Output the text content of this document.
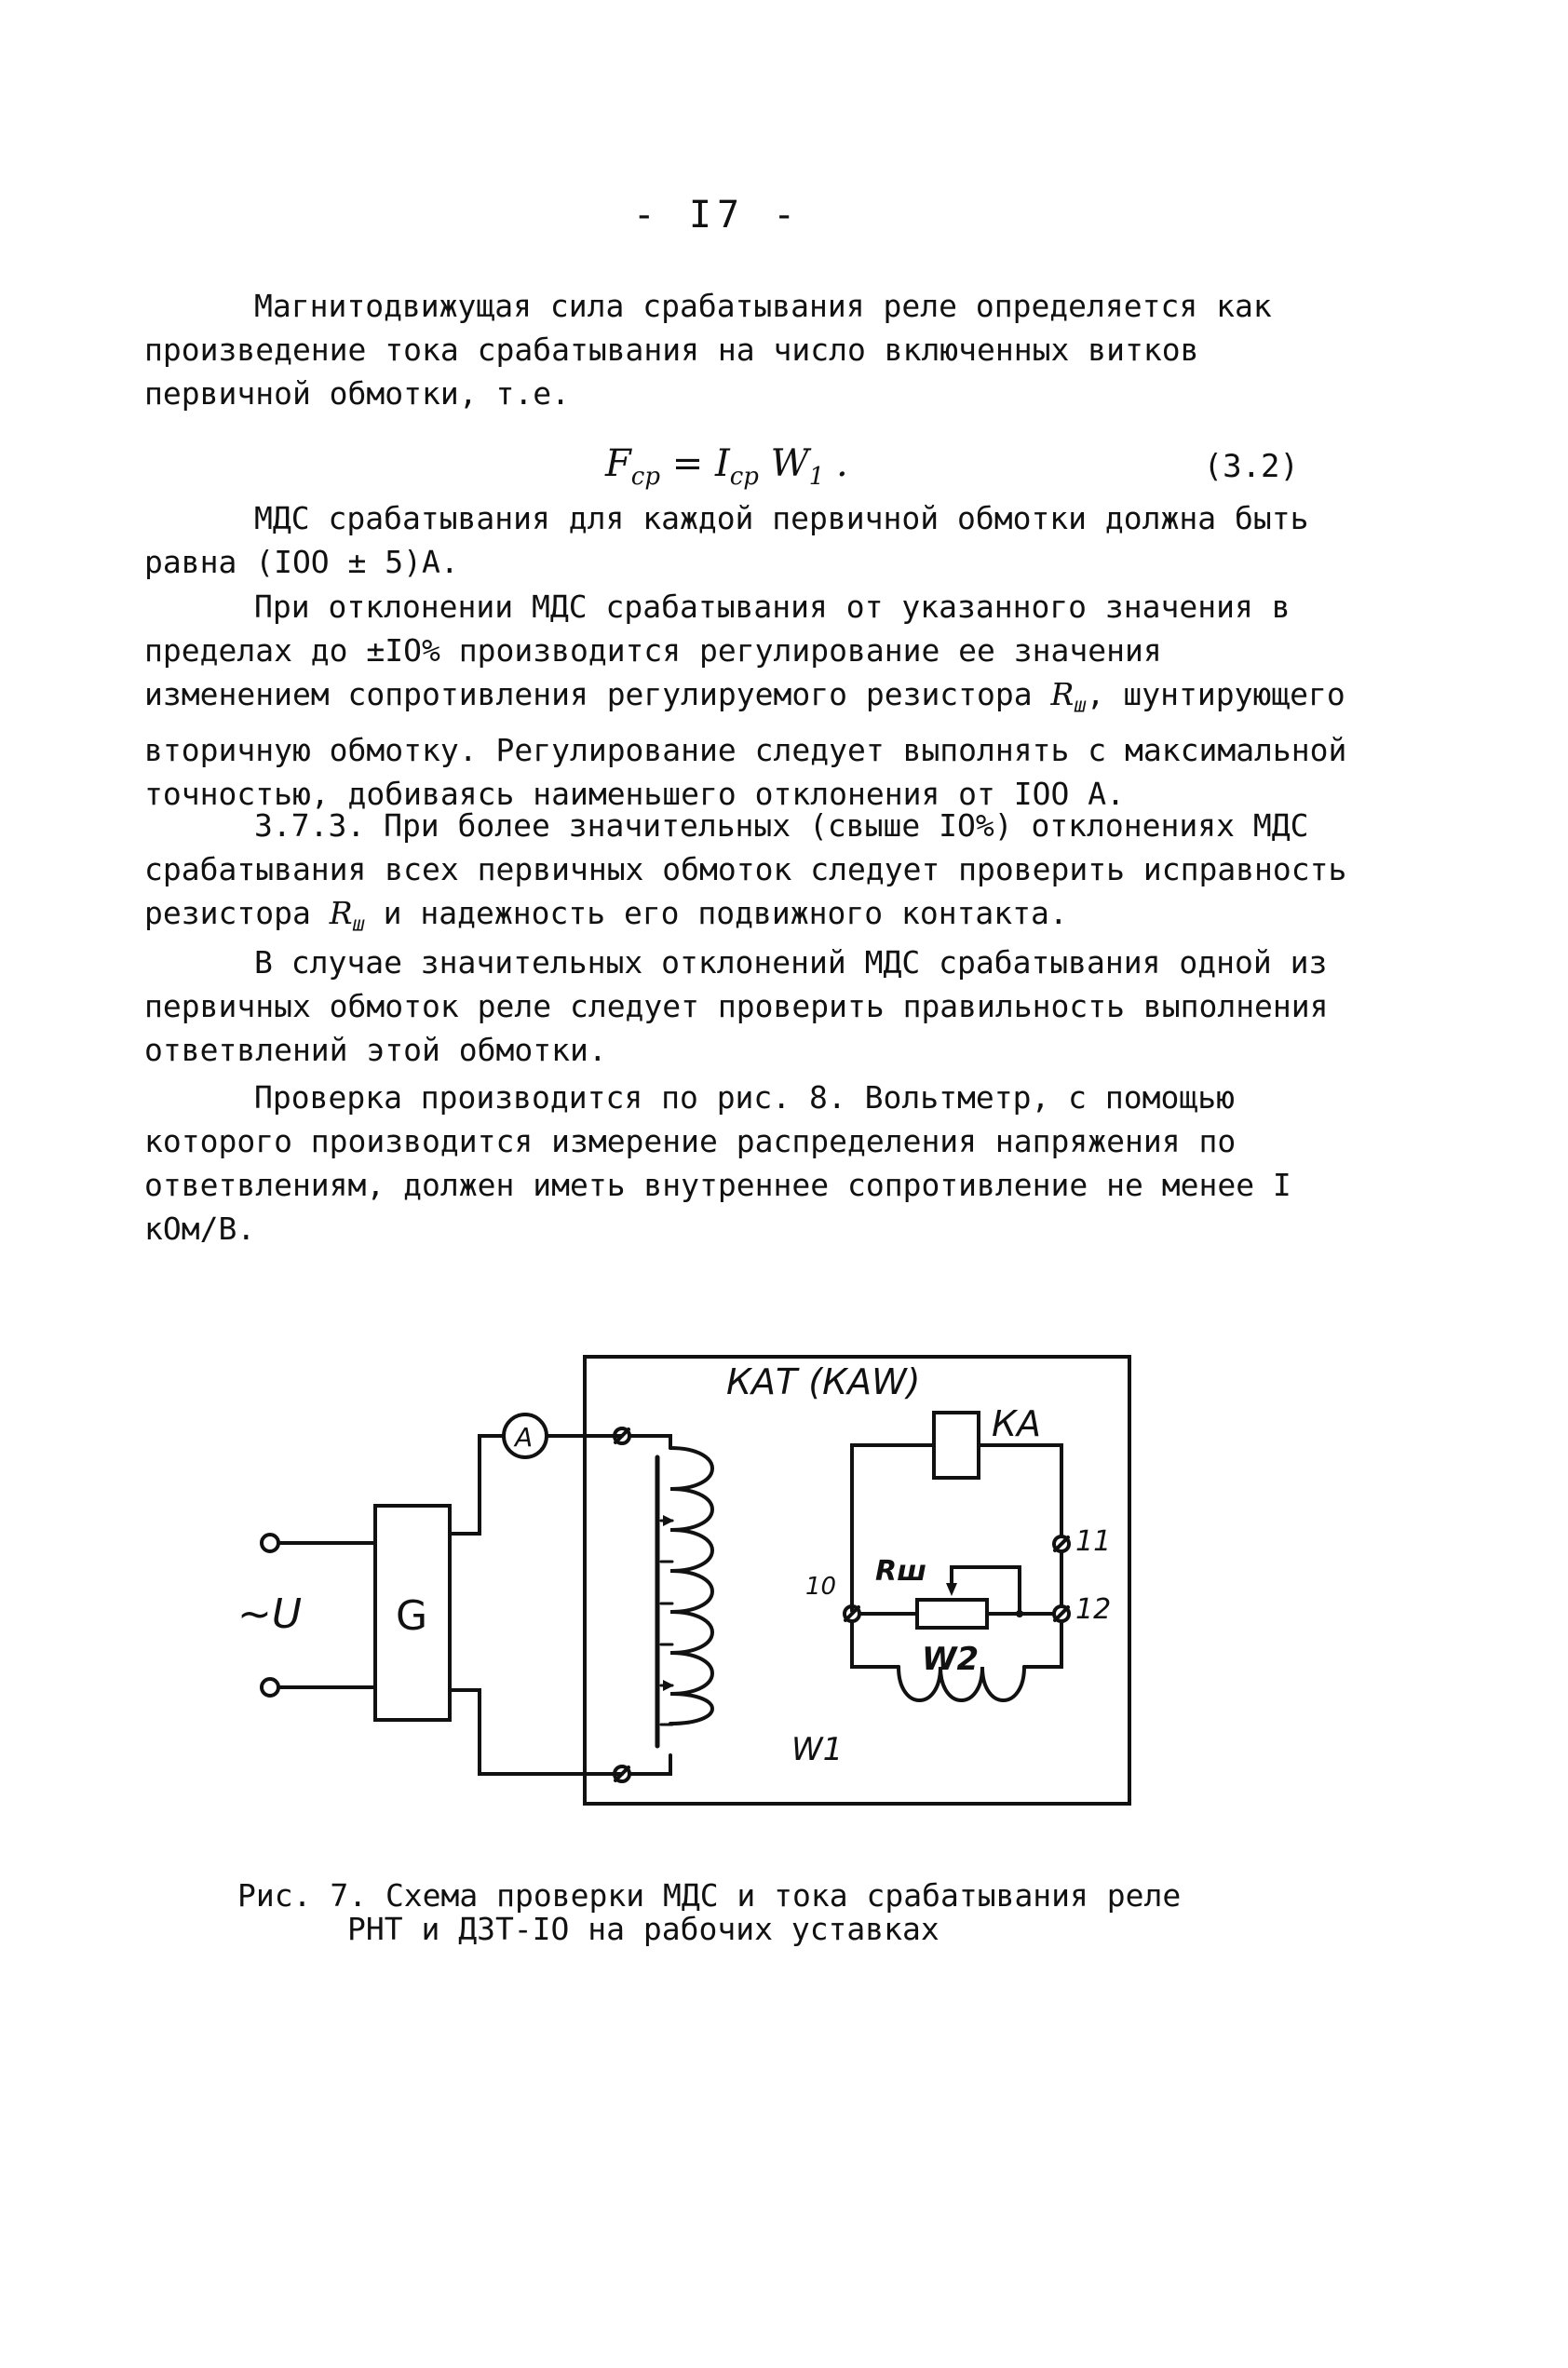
- I7 -

Магнитодвижущая сила срабатывания реле определяется как произведение тока срабатывания на число включенных витков первичной обмотки, т.е.

$F_{ср} = I_{ср}$ $W_1$ .	(3.2)

МДС срабатывания для каждой первичной обмотки должна быть равна (IOO ± 5)А.

При отклонении МДС срабатывания от указанного значения в пределах до ±IO% производится регулирование ее значения изменением сопротивления регулируемого резистора $R_ш$, шунтирующего вторичную обмотку. Регулирование следует выполнять с максимальной точностью, добиваясь наименьшего отклонения от IOO А.

3.7.3. При более значительных (свыше IO%) отклонениях МДС срабатывания всех первичных обмоток следует проверить исправность резистора $R_ш$ и надежность его подвижного контакта.

В случае значительных отклонений МДС срабатывания одной из первичных обмоток реле следует проверить правильность выполнения ответвлений этой обмотки.

Проверка производится по рис. 8. Вольтметр, с помощью которого производится измерение распределения напряжения по ответвлениям, должен иметь внутреннее сопротивление не менее I кОм/В.

КАТ (КАW)
КА
Rш
W2
W1
А
G
~U
10
11
12
Рис. 7. Схема проверки МДС и тока срабатывания реле
РНТ и ДЗТ-IO на рабочих уставках
